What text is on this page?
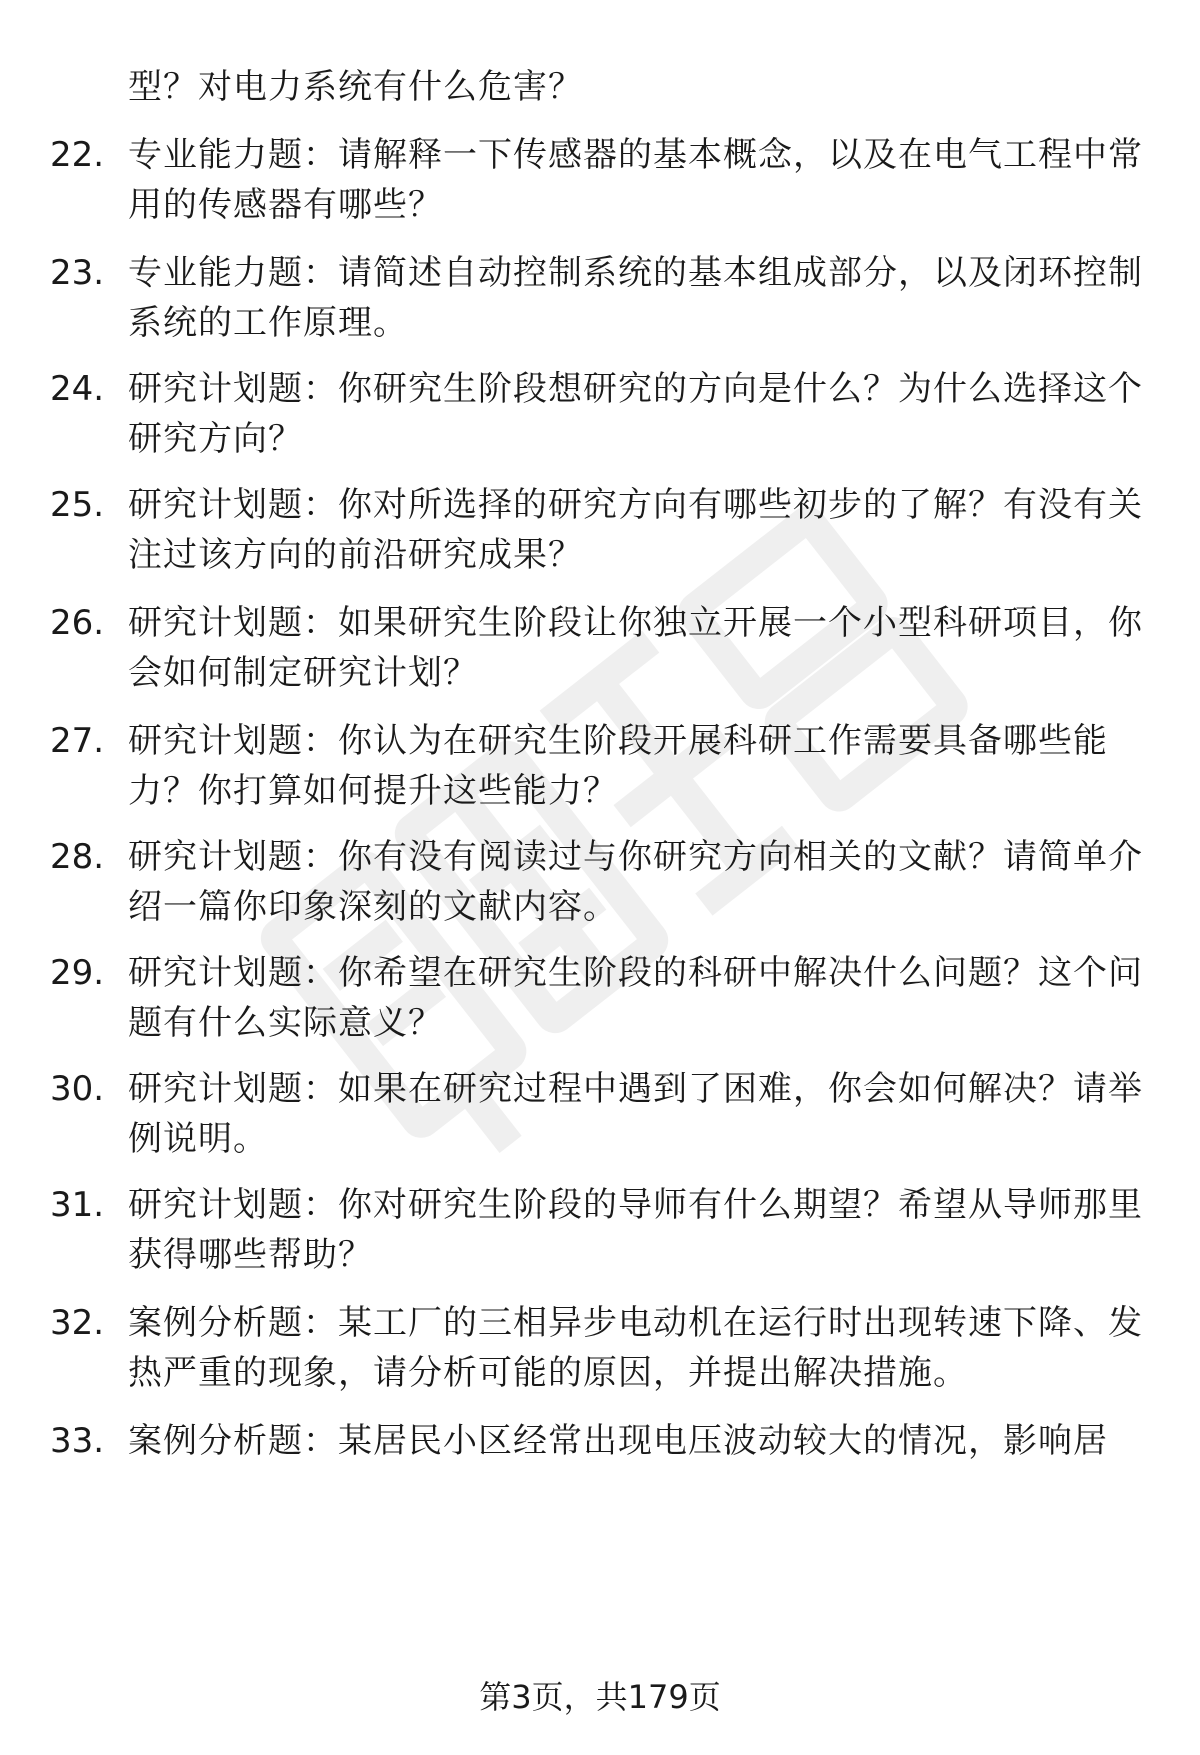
型？对电力系统有什么危害？
22. 专业能力题：请解释一下传感器的基本概念，以及在电气工程中常用的传感器有哪些？
23. 专业能力题：请简述自动控制系统的基本组成部分，以及闭环控制系统的工作原理。
24. 研究计划题：你研究生阶段想研究的方向是什么？为什么选择这个研究方向？
25. 研究计划题：你对所选择的研究方向有哪些初步的了解？有没有关注过该方向的前沿研究成果？
26. 研究计划题：如果研究生阶段让你独立开展一个小型科研项目，你会如何制定研究计划？
27. 研究计划题：你认为在研究生阶段开展科研工作需要具备哪些能力？你打算如何提升这些能力？
28. 研究计划题：你有没有阅读过与你研究方向相关的文献？请简单介绍一篇你印象深刻的文献内容。
29. 研究计划题：你希望在研究生阶段的科研中解决什么问题？这个问题有什么实际意义？
30. 研究计划题：如果在研究过程中遇到了困难，你会如何解决？请举例说明。
31. 研究计划题：你对研究生阶段的导师有什么期望？希望从导师那里获得哪些帮助？
32. 案例分析题：某工厂的三相异步电动机在运行时出现转速下降、发热严重的现象，请分析可能的原因，并提出解决措施。
33. 案例分析题：某居民小区经常出现电压波动较大的情况，影响居
第3页，共179页
